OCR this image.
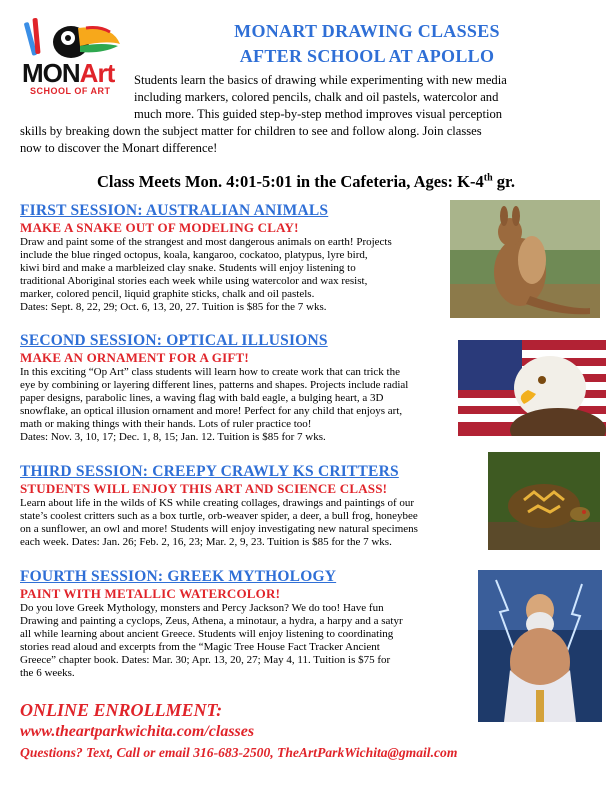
MONArt
SCHOOL OF ART
MONART DRAWING CLASSES
AFTER SCHOOL AT APOLLO
Students learn the basics of drawing while experimenting with new media
including markers, colored pencils, chalk and oil pastels, watercolor and
much more. This guided step-by-step method improves visual perception
skills by breaking down the subject matter for children to see and follow along. Join classes
now to discover the Monart difference!
Class Meets Mon. 4:01-5:01 in the Cafeteria, Ages: K-4th gr.
FIRST SESSION: AUSTRALIAN ANIMALS
MAKE A SNAKE OUT OF MODELING CLAY!
Draw and paint some of the strangest and most dangerous animals on earth! Projects
include the blue ringed octopus, koala, kangaroo, cockatoo, platypus, lyre bird,
kiwi bird and make a marbleized clay snake. Students will enjoy listening to
traditional Aboriginal stories each week while using watercolor and wax resist,
marker, colored pencil, liquid graphite sticks, chalk and oil pastels.
Dates: Sept. 8, 22, 29; Oct. 6, 13, 20, 27. Tuition is $85 for the 7 wks.
SECOND SESSION: OPTICAL ILLUSIONS
MAKE AN ORNAMENT FOR A GIFT!
In this exciting “Op Art” class students will learn how to create work that can trick the
eye by combining or layering different lines, patterns and shapes. Projects include radial
paper designs, parabolic lines, a waving flag with bald eagle, a bulging heart, a 3D
snowflake, an optical illusion ornament and more! Perfect for any child that enjoys art,
math or making things with their hands. Lots of ruler practice too!
Dates: Nov. 3, 10, 17; Dec. 1, 8, 15; Jan. 12. Tuition is $85 for 7 wks.
THIRD SESSION: CREEPY CRAWLY KS CRITTERS
STUDENTS WILL ENJOY THIS ART AND SCIENCE CLASS!
Learn about life in the wilds of KS while creating collages, drawings and paintings of our
state’s coolest critters such as a box turtle, orb-weaver spider, a deer, a bull frog, honeybee
on a sunflower, an owl and more! Students will enjoy investigating new natural specimens
each week. Dates: Jan. 26; Feb. 2, 16, 23; Mar. 2, 9, 23. Tuition is $85 for the 7 wks.
FOURTH SESSION: GREEK MYTHOLOGY
PAINT WITH METALLIC WATERCOLOR!
Do you love Greek Mythology, monsters and Percy Jackson? We do too! Have fun
Drawing and painting a cyclops, Zeus, Athena, a minotaur, a hydra, a harpy and a satyr
all while learning about ancient Greece. Students will enjoy listening to coordinating
stories read aloud and excerpts from the “Magic Tree House Fact Tracker Ancient
Greece” chapter book. Dates: Mar. 30; Apr. 13, 20, 27; May 4, 11. Tuition is $75 for
the 6 weeks.
ONLINE ENROLLMENT:
www.theartparkwichita.com/classes
Questions? Text, Call or email 316-683-2500, TheArtParkWichita@gmail.com
